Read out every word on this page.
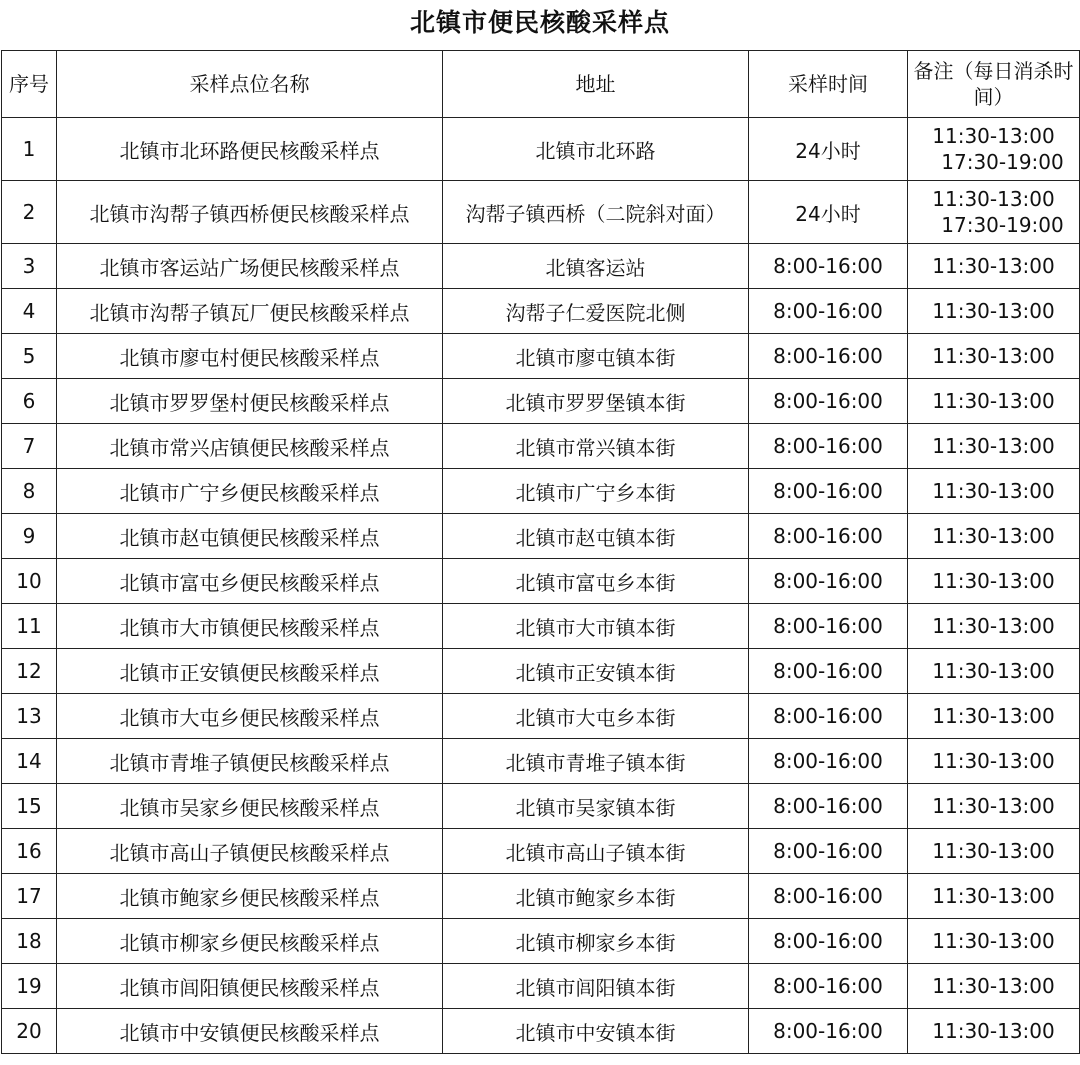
北镇市便民核酸采样点
序号	采样点位名称	地址	采样时间	备注（每日消杀时间）
1	北镇市北环路便民核酸采样点	北镇市北环路	24小时	11:30-13:00
17:30-19:00

2	北镇市沟帮子镇西桥便民核酸采样点	沟帮子镇西桥（二院斜对面）	24小时	11:30-13:00
17:30-19:00

3	北镇市客运站广场便民核酸采样点	北镇客运站	8:00-16:00	11:30-13:00

4	北镇市沟帮子镇瓦厂便民核酸采样点	沟帮子仁爱医院北侧	8:00-16:00	11:30-13:00

5	北镇市廖屯村便民核酸采样点	北镇市廖屯镇本街	8:00-16:00	11:30-13:00

6	北镇市罗罗堡村便民核酸采样点	北镇市罗罗堡镇本街	8:00-16:00	11:30-13:00

7	北镇市常兴店镇便民核酸采样点	北镇市常兴镇本街	8:00-16:00	11:30-13:00

8	北镇市广宁乡便民核酸采样点	北镇市广宁乡本街	8:00-16:00	11:30-13:00

9	北镇市赵屯镇便民核酸采样点	北镇市赵屯镇本街	8:00-16:00	11:30-13:00

10	北镇市富屯乡便民核酸采样点	北镇市富屯乡本街	8:00-16:00	11:30-13:00

11	北镇市大市镇便民核酸采样点	北镇市大市镇本街	8:00-16:00	11:30-13:00

12	北镇市正安镇便民核酸采样点	北镇市正安镇本街	8:00-16:00	11:30-13:00

13	北镇市大屯乡便民核酸采样点	北镇市大屯乡本街	8:00-16:00	11:30-13:00

14	北镇市青堆子镇便民核酸采样点	北镇市青堆子镇本街	8:00-16:00	11:30-13:00

15	北镇市吴家乡便民核酸采样点	北镇市吴家镇本街	8:00-16:00	11:30-13:00

16	北镇市高山子镇便民核酸采样点	北镇市高山子镇本街	8:00-16:00	11:30-13:00

17	北镇市鲍家乡便民核酸采样点	北镇市鲍家乡本街	8:00-16:00	11:30-13:00

18	北镇市柳家乡便民核酸采样点	北镇市柳家乡本街	8:00-16:00	11:30-13:00

19	北镇市闾阳镇便民核酸采样点	北镇市闾阳镇本街	8:00-16:00	11:30-13:00

20	北镇市中安镇便民核酸采样点	北镇市中安镇本街	8:00-16:00	11:30-13:00
